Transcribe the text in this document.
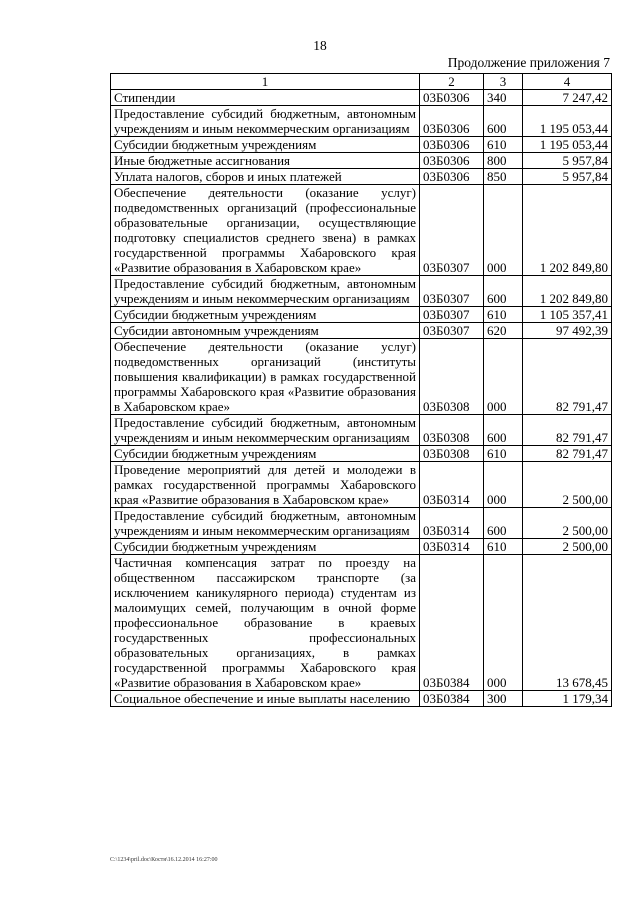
18
Продолжение приложения 7
1	2	3	4
Стипендии	03Б0306	340	7 247,42
Предоставление субсидий бюджетным, автономным учреждениям и иным некоммерческим организациям	03Б0306	600	1 195 053,44
Субсидии бюджетным учреждениям	03Б0306	610	1 195 053,44
Иные бюджетные ассигнования	03Б0306	800	5 957,84
Уплата налогов, сборов и иных платежей	03Б0306	850	5 957,84
Обеспечение деятельности (оказание услуг) подведомственных организаций (профессиональные образовательные организации, осуществляющие подготовку специалистов среднего звена) в рамках государственной программы Хабаровского края «Развитие образования в Хабаровском крае»	03Б0307	000	1 202 849,80
Предоставление субсидий бюджетным, автономным учреждениям и иным некоммерческим организациям	03Б0307	600	1 202 849,80
Субсидии бюджетным учреждениям	03Б0307	610	1 105 357,41
Субсидии автономным учреждениям	03Б0307	620	97 492,39
Обеспечение деятельности (оказание услуг) подведомственных организаций (институты повышения квалификации) в рамках государственной программы Хабаровского края «Развитие образования в Хабаровском крае»	03Б0308	000	82 791,47
Предоставление субсидий бюджетным, автономным учреждениям и иным некоммерческим организациям	03Б0308	600	82 791,47
Субсидии бюджетным учреждениям	03Б0308	610	82 791,47
Проведение мероприятий для детей и молодежи в рамках государственной программы Хабаровского края «Развитие образования в Хабаровском крае»	03Б0314	000	2 500,00
Предоставление субсидий бюджетным, автономным учреждениям и иным некоммерческим организациям	03Б0314	600	2 500,00
Субсидии бюджетным учреждениям	03Б0314	610	2 500,00
Частичная компенсация затрат по проезду на общественном пассажирском транспорте (за исключением каникулярного периода) студентам из малоимущих семей, получающим в очной форме профессиональное образование в краевых государственных профессиональных образовательных организациях, в рамках государственной программы Хабаровского края «Развитие образования в Хабаровском крае»	03Б0384	000	13 678,45
Социальное обеспечение и иные выплаты населению	03Б0384	300	1 179,34
C:\1234\pril.doc\Костя\16.12.2014 16:27:00
